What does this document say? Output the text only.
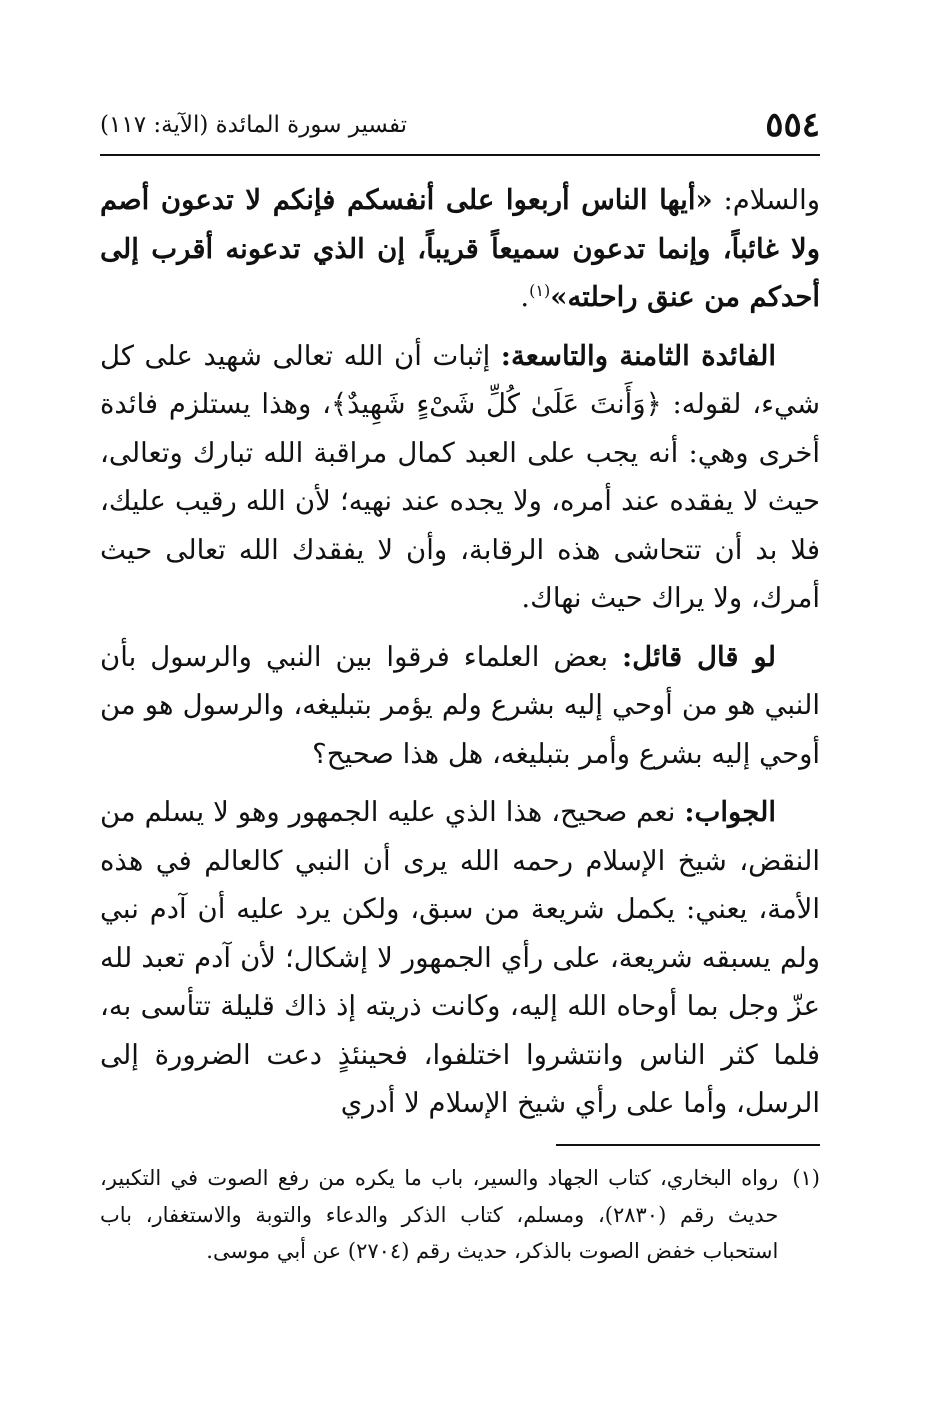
٥٥٤
تفسير سورة المائدة (الآية: ١١٧)

والسلام: «أيها الناس أربعوا على أنفسكم فإنكم لا تدعون أصم ولا غائباً، وإنما تدعون سميعاً قريباً، إن الذي تدعونه أقرب إلى أحدكم من عنق راحلته»$^{(١)}$.

الفائدة الثامنة والتاسعة: إثبات أن الله تعالى شهيد على كل شيء، لقوله: ﴿وَأَنتَ عَلَىٰ كُلِّ شَىْءٍ شَهِيدٌ﴾، وهذا يستلزم فائدة أخرى وهي: أنه يجب على العبد كمال مراقبة الله تبارك وتعالى، حيث لا يفقده عند أمره، ولا يجده عند نهيه؛ لأن الله رقيب عليك، فلا بد أن تتحاشى هذه الرقابة، وأن لا يفقدك الله تعالى حيث أمرك، ولا يراك حيث نهاك.

لو قال قائل: بعض العلماء فرقوا بين النبي والرسول بأن النبي هو من أوحي إليه بشرع ولم يؤمر بتبليغه، والرسول هو من أوحي إليه بشرع وأمر بتبليغه، هل هذا صحيح؟

الجواب: نعم صحيح، هذا الذي عليه الجمهور وهو لا يسلم من النقض، شيخ الإسلام رحمه الله يرى أن النبي كالعالم في هذه الأمة، يعني: يكمل شريعة من سبق، ولكن يرد عليه أن آدم نبي ولم يسبقه شريعة، على رأي الجمهور لا إشكال؛ لأن آدم تعبد لله عزّ وجل بما أوحاه الله إليه، وكانت ذريته إذ ذاك قليلة تتأسى به، فلما كثر الناس وانتشروا اختلفوا، فحينئذٍ دعت الضرورة إلى الرسل، وأما على رأي شيخ الإسلام لا أدري

(١)
رواه البخاري، كتاب الجهاد والسير، باب ما يكره من رفع الصوت في التكبير، حديث رقم (٢٨٣٠)، ومسلم، كتاب الذكر والدعاء والتوبة والاستغفار، باب استحباب خفض الصوت بالذكر، حديث رقم (٢٧٠٤) عن أبي موسى.
